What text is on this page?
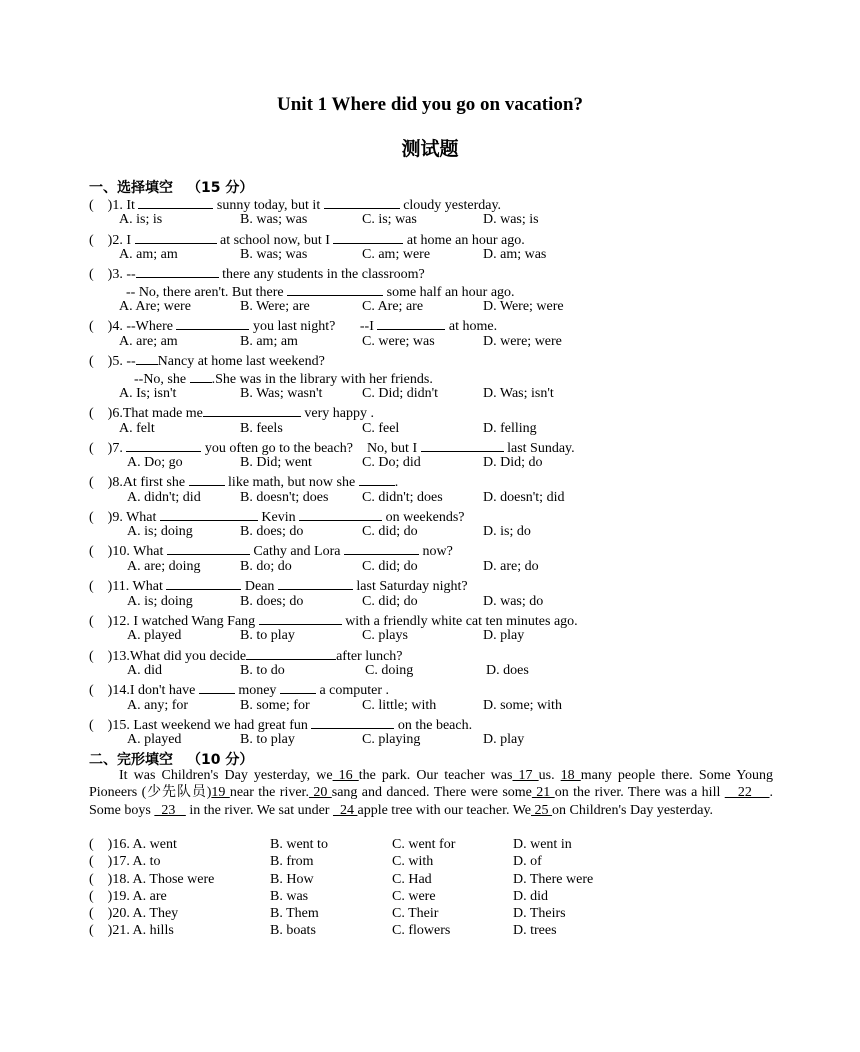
Unit 1 Where did you go on vacation?
测试题
一、选择填空 （15 分）
(    )1. It	sunny today, but it	cloudy yesterday.
A. is; is	B. was; was	C. is; was	D. was; is
(    )2. I	at school now, but I	at home an hour ago.
A. am; am	B. was; was	C. am; were	D. am; was
(    )3. --	there any students in the classroom?
-- No, there aren't. But there	some half an hour ago.
A. Are; were	B. Were; are	C. Are; are	D. Were; were
(    )4. --Where	you last night? --I	at home.
A. are; am	B. am; am	C. were; was	D. were; were
(    )5. -- Nancy at home last weekend?
--No, she .She was in the library with her friends.
A. Is; isn't	B. Was; wasn't	C. Did; didn't	D. Was; isn't
(    )6.That made me	very happy .
A. felt	B. feels	C. feel	D. felling
(    )7.	you often go to the beach?    No, but I	last Sunday.
A. Do; go	B. Did; went	C. Do; did	D. Did; do
(    )8.At first she	like math, but now she	.
A. didn't; did	B. doesn't; does C. didn't; does	D. doesn't; did
(    )9. What	Kevin	on weekends?
A. is; doing	B. does; do	C. did; do	D. is; do
(    )10. What	Cathy and Lora	now?
A. are; doing	B. do; do	C. did; do	D. are; do
(    )11. What	Dean	last Saturday night?
A. is; doing	B. does; do	C. did; do	D. was; do
(    )12. I watched Wang Fang	with a friendly white cat ten minutes ago.
A. played	B. to play	C. plays	D. play
(    )13.What did you decide	after lunch?
A. did	B. to do	C. doing	D. does
(    )14.I don't have	money	a computer .
A. any; for	B. some; for	C. little; with	D. some; with
(    )15. Last weekend we had great fun	on the beach.
A. played	B. to play	C. playing	D. play
二、完形填空 （10 分）
It was Children's Day yesterday, we 16 the park. Our teacher was 17 us. 18 many people there. Some Young Pioneers (少先队员)19 near the river. 20 sang and danced. There were some 21 on the river. There was a hill    22    . Some boys   23    in the river. We sat under   24 apple tree with our teacher. We 25 on Children's Day yesterday.
(    )16. A. went	B. went to	C. went for	D. went in
(    )17. A. to	B. from	C. with	D. of
(    )18. A. Those were	B. How	C. Had	D. There were
(    )19. A. are	B. was	C. were	D. did
(    )20. A. They	B. Them	C. Their	D. Theirs
(    )21. A. hills	B. boats	C. flowers	D. trees
